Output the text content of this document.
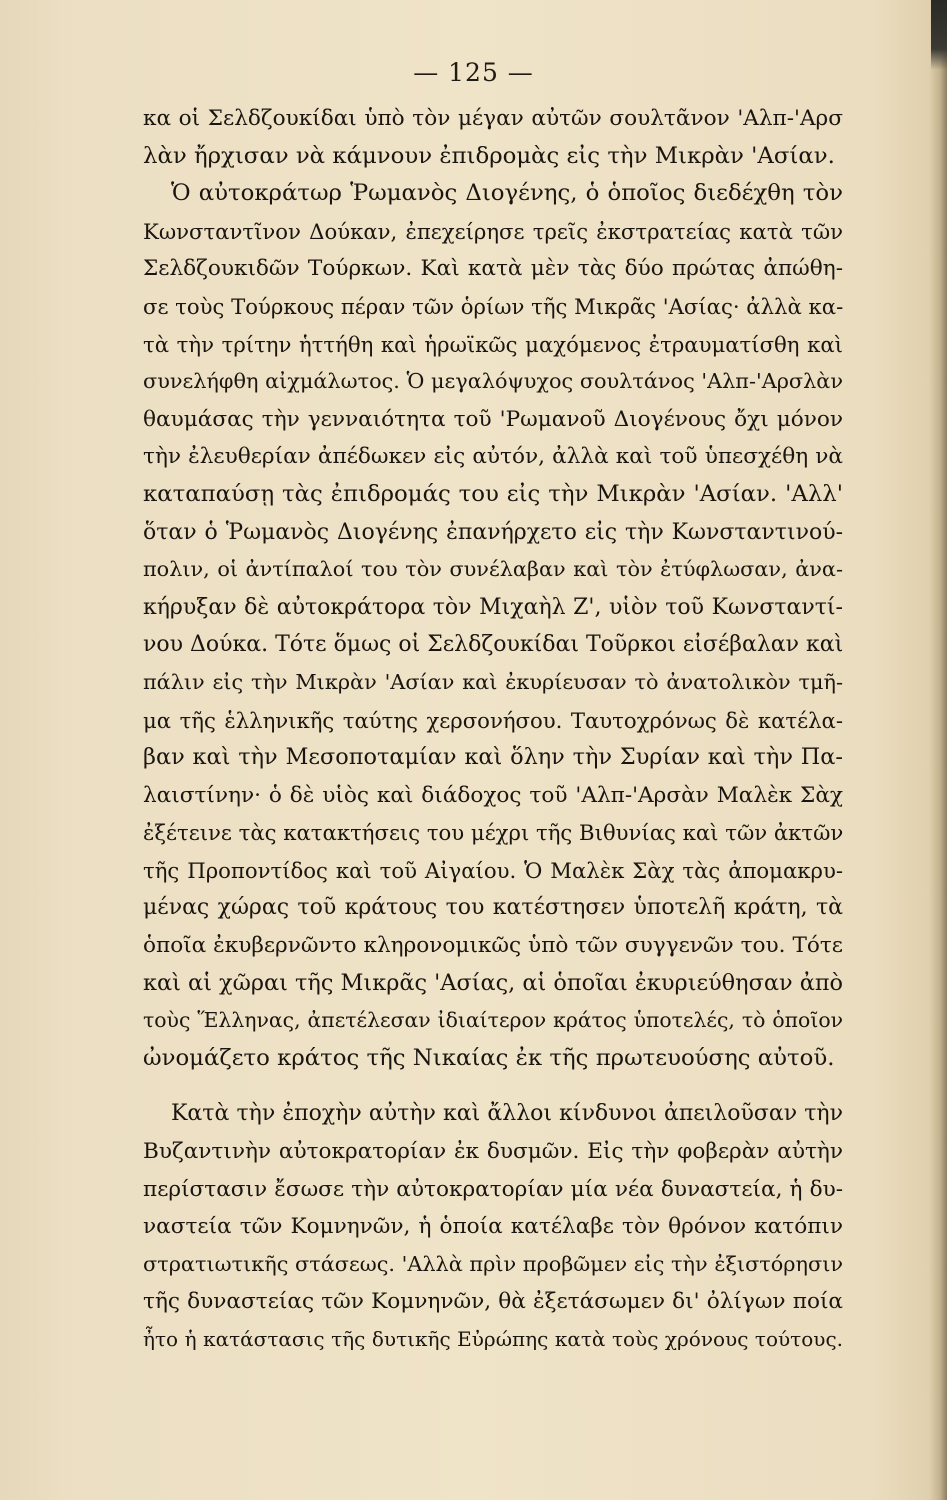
— 125 —
κα οἱ Σελδζουκίδαι ὑπὸ τὸν μέγαν αὐτῶν σουλτᾶνον 'Αλπ-'Αρσ
λὰν ἤρχισαν νὰ κάμνουν ἐπιδρομὰς εἰς τὴν Μικρὰν 'Ασίαν.
Ὁ αὐτοκράτωρ Ῥωμανὸς Διογένης, ὁ ὁποῖος διεδέχθη τὸν
Κωνσταντῖνον Δούκαν, ἐπεχείρησε τρεῖς ἐκστρατείας κατὰ τῶν
Σελδζουκιδῶν Τούρκων. Καὶ κατὰ μὲν τὰς δύο πρώτας ἀπώθη-
σε τοὺς Τούρκους πέραν τῶν ὁρίων τῆς Μικρᾶς 'Ασίας· ἀλλὰ κα-
τὰ τὴν τρίτην ἡττήθη καὶ ἡρωϊκῶς μαχόμενος ἐτραυματίσθη καὶ
συνελήφθη αἰχμάλωτος. Ὁ μεγαλόψυχος σουλτάνος 'Αλπ-'Αρσλὰν
θαυμάσας τὴν γενναιότητα τοῦ 'Ρωμανοῦ Διογένους ὄχι μόνον
τὴν ἐλευθερίαν ἀπέδωκεν εἰς αὐτόν, ἀλλὰ καὶ τοῦ ὑπεσχέθη νὰ
καταπαύσῃ τὰς ἐπιδρομάς του εἰς τὴν Μικρὰν 'Ασίαν. 'Αλλ'
ὅταν ὁ Ῥωμανὸς Διογένης ἐπανήρχετο εἰς τὴν Κωνσταντινού-
πολιν, οἱ ἀντίπαλοί του τὸν συνέλαβαν καὶ τὸν ἐτύφλωσαν, ἀνα-
κήρυξαν δὲ αὐτοκράτορα τὸν Μιχαὴλ Ζ', υἱὸν τοῦ Κωνσταντί-
νου Δούκα. Τότε ὅμως οἱ Σελδζουκίδαι Τοῦρκοι εἰσέβαλαν καὶ
πάλιν εἰς τὴν Μικρὰν 'Ασίαν καὶ ἐκυρίευσαν τὸ ἀνατολικὸν τμῆ-
μα τῆς ἑλληνικῆς ταύτης χερσονήσου. Ταυτοχρόνως δὲ κατέλα-
βαν καὶ τὴν Μεσοποταμίαν καὶ ὅλην τὴν Συρίαν καὶ τὴν Πα-
λαιστίνην· ὁ δὲ υἱὸς καὶ διάδοχος τοῦ 'Αλπ-'Αρσὰν Μαλὲκ Σὰχ
ἐξέτεινε τὰς κατακτήσεις του μέχρι τῆς Βιθυνίας καὶ τῶν ἀκτῶν
τῆς Προποντίδος καὶ τοῦ Αἰγαίου. Ὁ Μαλὲκ Σὰχ τὰς ἀπομακρυ-
μένας χώρας τοῦ κράτους του κατέστησεν ὑποτελῆ κράτη, τὰ
ὁποῖα ἐκυβερνῶντο κληρονομικῶς ὑπὸ τῶν συγγενῶν του. Τότε
καὶ αἱ χῶραι τῆς Μικρᾶς 'Ασίας, αἱ ὁποῖαι ἐκυριεύθησαν ἀπὸ
τοὺς Ἕλληνας, ἀπετέλεσαν ἰδιαίτερον κράτος ὑποτελές, τὸ ὁποῖον
ὠνομάζετο κράτος τῆς Νικαίας ἐκ τῆς πρωτευούσης αὐτοῦ.
Κατὰ τὴν ἐποχὴν αὐτὴν καὶ ἄλλοι κίνδυνοι ἀπειλοῦσαν τὴν
Βυζαντινὴν αὐτοκρατορίαν ἐκ δυσμῶν. Εἰς τὴν φοβερὰν αὐτὴν
περίστασιν ἔσωσε τὴν αὐτοκρατορίαν μία νέα δυναστεία, ἡ δυ-
ναστεία τῶν Κομνηνῶν, ἡ ὁποία κατέλαβε τὸν θρόνον κατόπιν
στρατιωτικῆς στάσεως. 'Αλλὰ πρὶν προβῶμεν εἰς τὴν ἐξιστόρησιν
τῆς δυναστείας τῶν Κομνηνῶν, θὰ ἐξετάσωμεν δι' ὀλίγων ποία
ἦτο ἡ κατάστασις τῆς δυτικῆς Εὐρώπης κατὰ τοὺς χρόνους τούτους.
